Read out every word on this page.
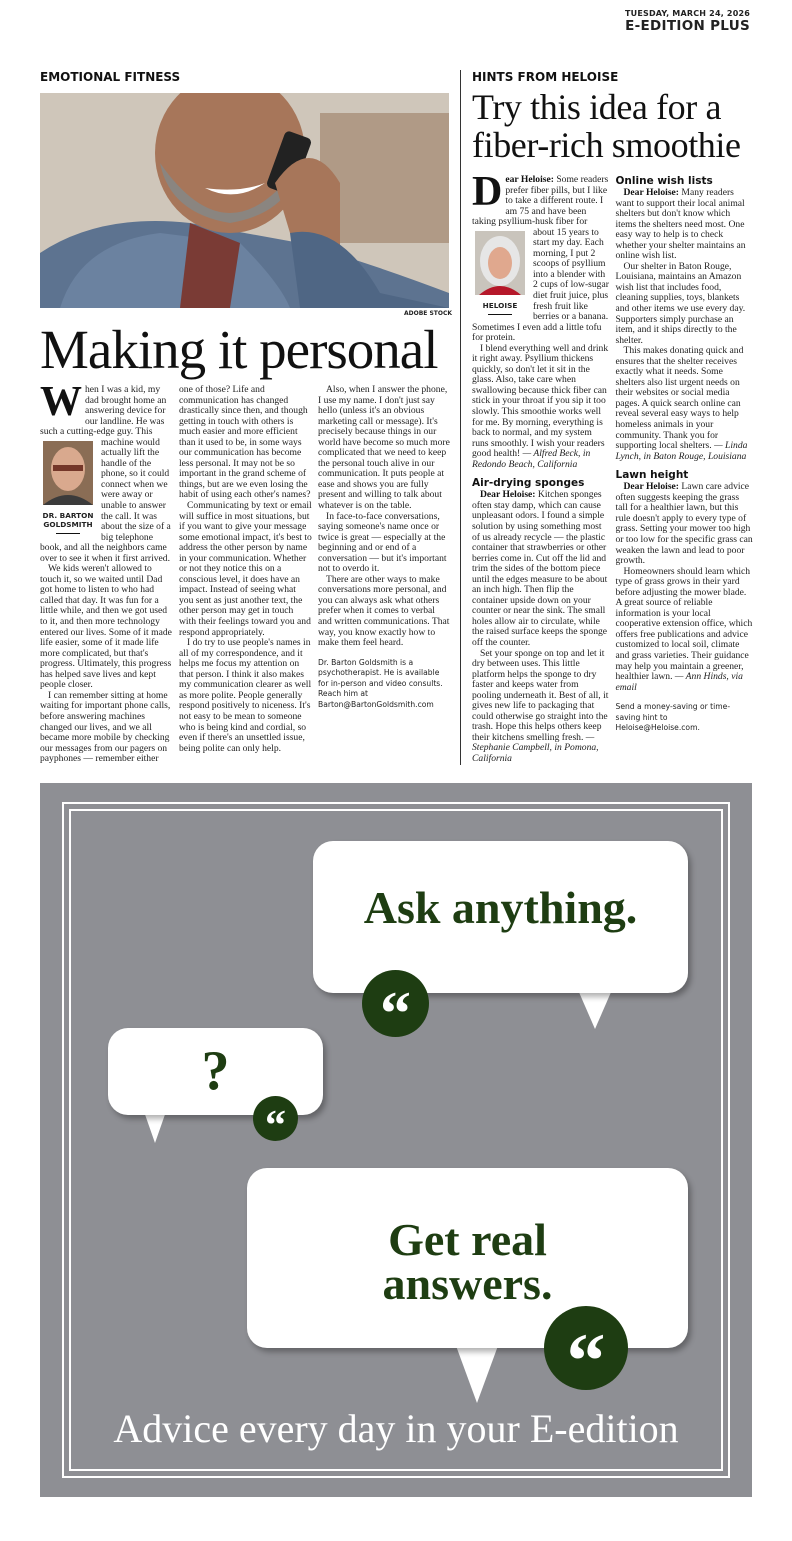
TUESDAY, MARCH 24, 2026
E-EDITION PLUS
EMOTIONAL FITNESS
ADOBE STOCK
Making it personal

When I was a kid, my dad brought home an answering device for our landline. He was such a cutting-edge guy. This
DR. BARTON GOLDSMITH
machine would actually lift the handle of the phone, so it could connect when we were away or unable to answer the call. It was about the size of a big telephone book, and all the neighbors came over to see it when it first arrived.

We kids weren't allowed to touch it, so we waited until Dad got home to listen to who had called that day. It was fun for a little while, and then we got used to it, and then more technology entered our lives. Some of it made life easier, some of it made life more complicated, but that's progress. Ultimately, this progress has helped save lives and kept people closer.

I can remember sitting at home waiting for important phone calls, before answering machines changed our lives, and we all became more mobile by checking our messages from our pagers on payphones — remember either one of those? Life and communication has changed drastically since then, and though getting in touch with others is much easier and more efficient than it used to be, in some ways our communication has become less personal. It may not be so important in the grand scheme of things, but are we even losing the habit of using each other's names?

Communicating by text or email will suffice in most situations, but if you want to give your message some emotional impact, it's best to address the other person by name in your communication. Whether or not they notice this on a conscious level, it does have an impact. Instead of seeing what you sent as just another text, the other person may get in touch with their feelings toward you and respond appropriately.

I do try to use people's names in all of my correspondence, and it helps me focus my attention on that person. I think it also makes my communication clearer as well as more polite. People generally respond positively to niceness. It's not easy to be mean to someone who is being kind and cordial, so even if there's an unsettled issue, being polite can only help.

Also, when I answer the phone, I use my name. I don't just say hello (unless it's an obvious marketing call or message). It's precisely because things in our world have become so much more complicated that we need to keep the personal touch alive in our communication. It puts people at ease and shows you are fully present and willing to talk about whatever is on the table.

In face-to-face conversations, saying someone's name once or twice is great — especially at the beginning and or end of a conversation — but it's important not to overdo it.

There are other ways to make conversations more personal, and you can always ask what others prefer when it comes to verbal and written communications. That way, you know exactly how to make them feel heard.

Dr. Barton Goldsmith is a psychotherapist. He is available for in-person and video consults. Reach him at Barton@BartonGoldsmith.com

HINTS FROM HELOISE
Try this idea for a fiber-rich smoothie

Dear Heloise: Some readers prefer fiber pills, but I like to take a different route. I am 75 and have been taking psyllium-husk fiber for about 15
HELOISE
years to start my day. Each morning, I put 2 scoops of psyllium into a blender with 2 cups of low-sugar diet fruit juice, plus fresh fruit like berries or a banana. Sometimes I even add a little tofu for protein.

I blend everything well and drink it right away. Psyllium thickens quickly, so don't let it sit in the glass. Also, take care when swallowing because thick fiber can stick in your throat if you sip it too slowly. This smoothie works well for me. By morning, everything is back to normal, and my system runs smoothly. I wish your readers good health! — Alfred Beck, in Redondo Beach, California

Air-drying sponges

Dear Heloise: Kitchen sponges often stay damp, which can cause unpleasant odors. I found a simple solution by using something most of us already recycle — the plastic container that strawberries or other berries come in. Cut off the lid and trim the sides of the bottom piece until the edges measure to be about an inch high. Then flip the container upside down on your counter or near the sink. The small holes allow air to circulate, while the raised surface keeps the sponge off the counter.

Set your sponge on top and let it dry between uses. This little platform helps the sponge to dry faster and keeps water from pooling underneath it. Best of all, it gives new life to packaging that could otherwise go straight into the trash. Hope this helps others keep their kitchens smelling fresh. — Stephanie Campbell, in Pomona, California

Online wish lists

Dear Heloise: Many readers want to support their local animal shelters but don't know which items the shelters need most. One easy way to help is to check whether your shelter maintains an online wish list.

Our shelter in Baton Rouge, Louisiana, maintains an Amazon wish list that includes food, cleaning supplies, toys, blankets and other items we use every day. Supporters simply purchase an item, and it ships directly to the shelter.

This makes donating quick and ensures that the shelter receives exactly what it needs. Some shelters also list urgent needs on their websites or social media pages. A quick search online can reveal several easy ways to help homeless animals in your community. Thank you for supporting local shelters. — Linda Lynch, in Baton Rouge, Louisiana

Lawn height

Dear Heloise: Lawn care advice often suggests keeping the grass tall for a healthier lawn, but this rule doesn't apply to every type of grass. Setting your mower too high or too low for the specific grass can weaken the lawn and lead to poor growth.

Homeowners should learn which type of grass grows in their yard before adjusting the mower blade. A great source of reliable information is your local cooperative extension office, which offers free publications and advice customized to local soil, climate and grass varieties. Their guidance may help you maintain a greener, healthier lawn. — Ann Hinds, via email

Send a money-saving or time-saving hint to Heloise@Heloise.com.

Ask anything.
“
?
“
Get real answers.
“
Advice every day in your E-edition
